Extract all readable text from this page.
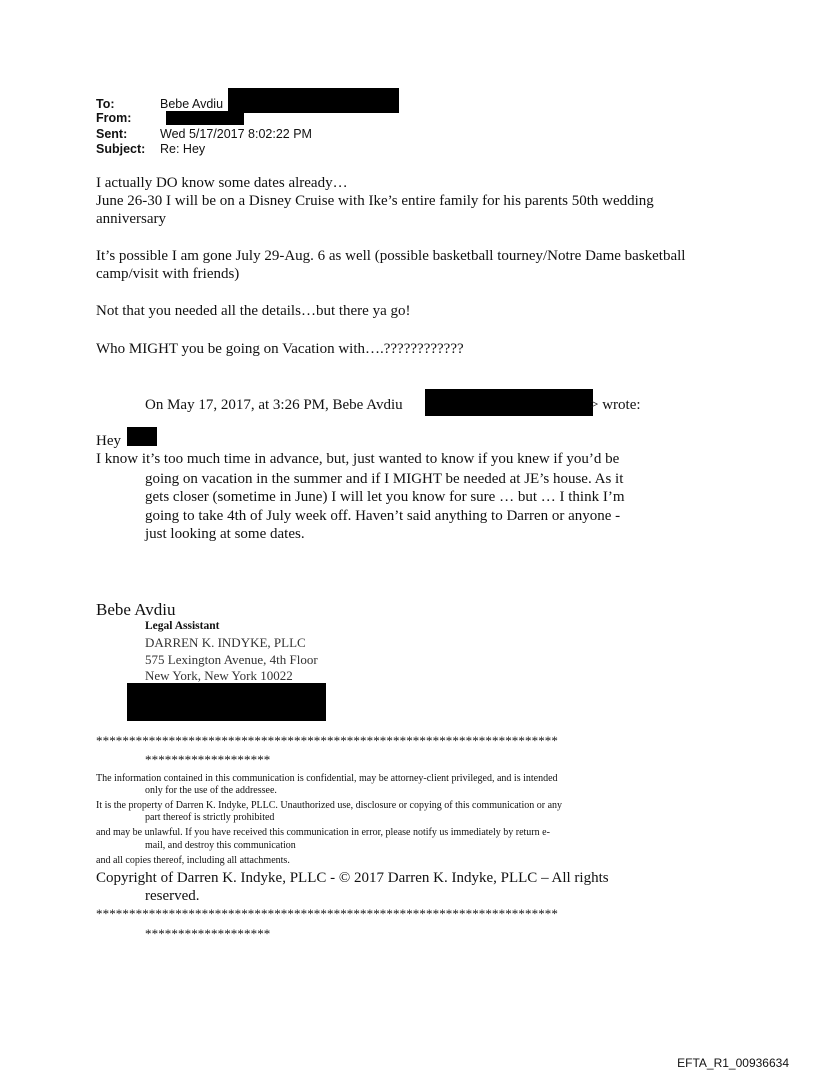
To:	Bebe Avdiu
From:
Sent:	Wed 5/17/2017 8:02:22 PM
Subject: Re: Hey
I actually DO know some dates already…
June 26-30 I will be on a Disney Cruise with Ike’s entire family for his parents 50th wedding
anniversary
It’s possible I am gone July 29-Aug. 6 as well (possible basketball tourney/Notre Dame basketball
camp/visit with friends)
Not that you needed all the details…but there ya go!
Who MIGHT you be going on Vacation with….????????????
On May 17, 2017, at 3:26 PM, Bebe Avdiu	> wrote:
Hey
I know it’s too much time in advance, but, just wanted to know if you knew if you’d be
going on vacation in the summer and if I MIGHT be needed at JE’s house. As it
gets closer (sometime in June) I will let you know for sure … but … I think I’m
going to take 4th of July week off. Haven’t said anything to Darren or anyone -
just looking at some dates.
Bebe Avdiu
Legal Assistant
DARREN K. INDYKE, PLLC
575 Lexington Avenue, 4th Floor
New York, New York 10022
**********************************************************************
*******************
The information contained in this communication is confidential, may be attorney-client privileged, and is intended
only for the use of the addressee.
It is the property of Darren K. Indyke, PLLC. Unauthorized use, disclosure or copying of this communication or any
part thereof is strictly prohibited
and may be unlawful. If you have received this communication in error, please notify us immediately by return e-
mail, and destroy this communication
and all copies thereof, including all attachments.
Copyright of Darren K. Indyke, PLLC - © 2017 Darren K. Indyke, PLLC – All rights
reserved.
**********************************************************************
*******************
EFTA_R1_00936634
